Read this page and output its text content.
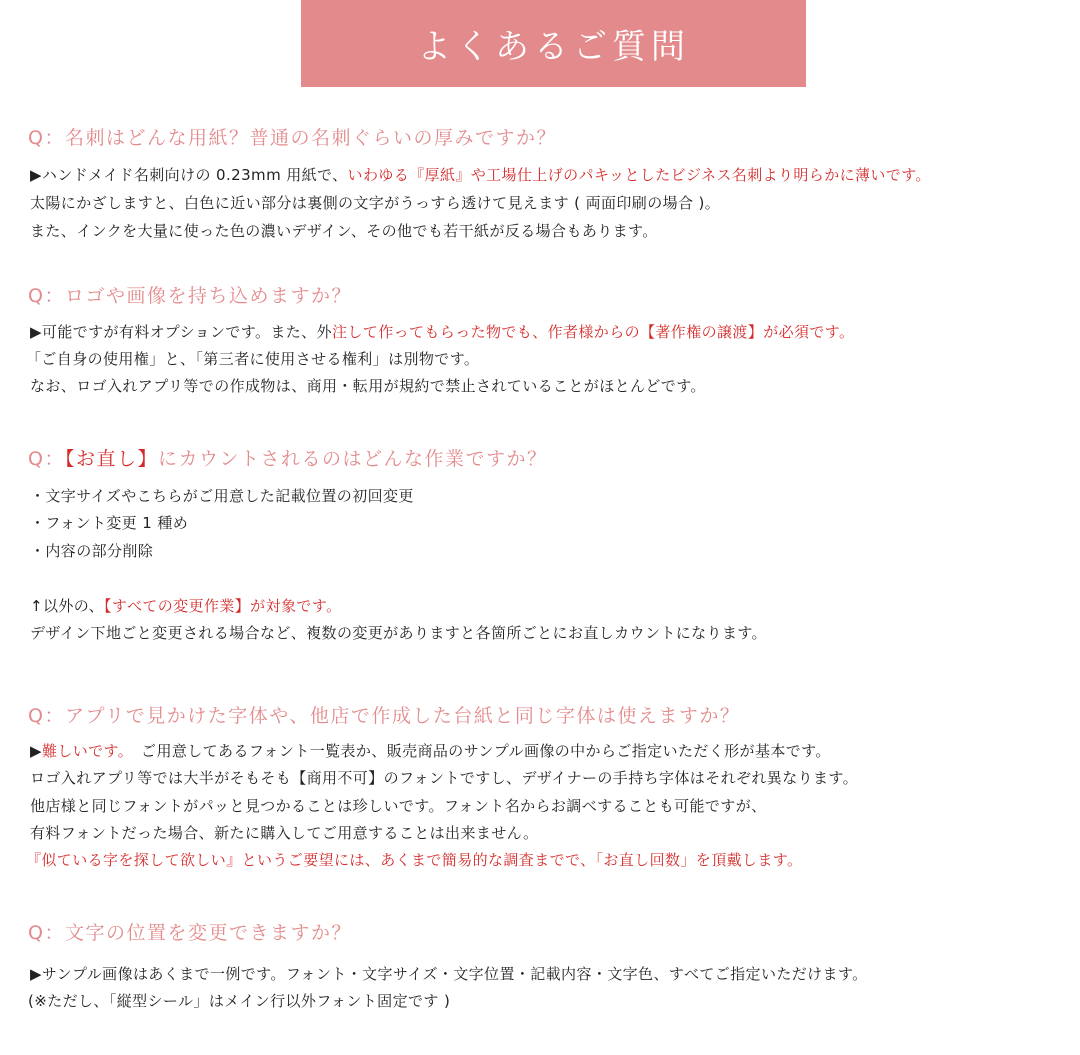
よくあるご質問
Q：名刺はどんな用紙？普通の名刺ぐらいの厚みですか？
▶ハンドメイド名刺向けの 0.23mm 用紙で、いわゆる『厚紙』や工場仕上げのパキッとしたビジネス名刺より明らかに薄いです。
太陽にかざしますと、白色に近い部分は裏側の文字がうっすら透けて見えます ( 両面印刷の場合 )。
また、インクを大量に使った色の濃いデザイン、その他でも若干紙が反る場合もあります。
Q：ロゴや画像を持ち込めますか？
▶可能ですが有料オプションです。また、外注して作ってもらった物でも、作者様からの【著作権の譲渡】が必須です。
「ご自身の使用権」と、「第三者に使用させる権利」は別物です。
なお、ロゴ入れアプリ等での作成物は、商用・転用が規約で禁止されていることがほとんどです。
Q：【お直し】にカウントされるのはどんな作業ですか？
・文字サイズやこちらがご用意した記載位置の初回変更
・フォント変更 1 種め
・内容の部分削除
↑以外の、【すべての変更作業】が対象です。
デザイン下地ごと変更される場合など、複数の変更がありますと各箇所ごとにお直しカウントになります。
Q：アプリで見かけた字体や、他店で作成した台紙と同じ字体は使えますか？
▶難しいです。　ご用意してあるフォント一覧表か、販売商品のサンプル画像の中からご指定いただく形が基本です。
ロゴ入れアプリ等では大半がそもそも【商用不可】のフォントですし、デザイナーの手持ち字体はそれぞれ異なります。
他店様と同じフォントがパッと見つかることは珍しいです。フォント名からお調べすることも可能ですが、
有料フォントだった場合、新たに購入してご用意することは出来ません。
『似ている字を探して欲しい』というご要望には、あくまで簡易的な調査までで、「お直し回数」を頂戴します。
Q：文字の位置を変更できますか？
▶サンプル画像はあくまで一例です。フォント・文字サイズ・文字位置・記載内容・文字色、すべてご指定いただけます。
(※ただし、「縦型シール」はメイン行以外フォント固定です )
